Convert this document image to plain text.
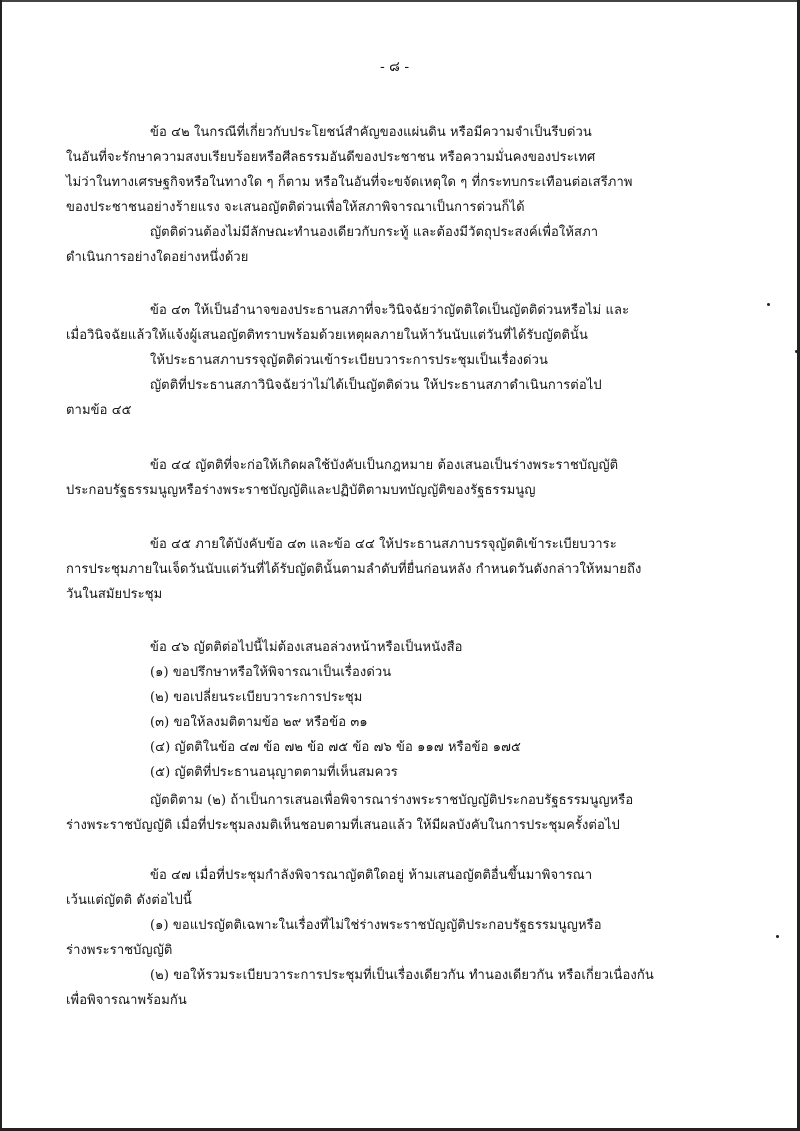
- ๘ -
ข้อ ๔๒ ในกรณีที่เกี่ยวกับประโยชน์สำคัญของแผ่นดิน หรือมีความจำเป็นรีบด่วน
ในอันที่จะรักษาความสงบเรียบร้อยหรือศีลธรรมอันดีของประชาชน หรือความมั่นคงของประเทศ
ไม่ว่าในทางเศรษฐกิจหรือในทางใด ๆ ก็ตาม หรือในอันที่จะขจัดเหตุใด ๆ ที่กระทบกระเทือนต่อเสรีภาพ
ของประชาชนอย่างร้ายแรง จะเสนอญัตติด่วนเพื่อให้สภาพิจารณาเป็นการด่วนก็ได้
ญัตติด่วนต้องไม่มีลักษณะทำนองเดียวกับกระทู้ และต้องมีวัตถุประสงค์เพื่อให้สภา
ดำเนินการอย่างใดอย่างหนึ่งด้วย
ข้อ ๔๓ ให้เป็นอำนาจของประธานสภาที่จะวินิจฉัยว่าญัตติใดเป็นญัตติด่วนหรือไม่ และ
เมื่อวินิจฉัยแล้วให้แจ้งผู้เสนอญัตติทราบพร้อมด้วยเหตุผลภายในห้าวันนับแต่วันที่ได้รับญัตตินั้น
ให้ประธานสภาบรรจุญัตติด่วนเข้าระเบียบวาระการประชุมเป็นเรื่องด่วน
ญัตติที่ประธานสภาวินิจฉัยว่าไม่ได้เป็นญัตติด่วน ให้ประธานสภาดำเนินการต่อไป
ตามข้อ ๔๕
ข้อ ๔๔ ญัตติที่จะก่อให้เกิดผลใช้บังคับเป็นกฎหมาย ต้องเสนอเป็นร่างพระราชบัญญัติ
ประกอบรัฐธรรมนูญหรือร่างพระราชบัญญัติและปฏิบัติตามบทบัญญัติของรัฐธรรมนูญ
ข้อ ๔๕ ภายใต้บังคับข้อ ๔๓ และข้อ ๔๔ ให้ประธานสภาบรรจุญัตติเข้าระเบียบวาระ
การประชุมภายในเจ็ดวันนับแต่วันที่ได้รับญัตตินั้นตามลำดับที่ยื่นก่อนหลัง กำหนดวันดังกล่าวให้หมายถึง
วันในสมัยประชุม
ข้อ ๔๖ ญัตติต่อไปนี้ไม่ต้องเสนอล่วงหน้าหรือเป็นหนังสือ
(๑) ขอปรึกษาหรือให้พิจารณาเป็นเรื่องด่วน
(๒) ขอเปลี่ยนระเบียบวาระการประชุม
(๓) ขอให้ลงมติตามข้อ ๒๙ หรือข้อ ๓๑
(๔) ญัตติในข้อ ๔๗ ข้อ ๗๒ ข้อ ๗๕ ข้อ ๗๖ ข้อ ๑๑๗ หรือข้อ ๑๗๕
(๕) ญัตติที่ประธานอนุญาตตามที่เห็นสมควร
ญัตติตาม (๒) ถ้าเป็นการเสนอเพื่อพิจารณาร่างพระราชบัญญัติประกอบรัฐธรรมนูญหรือ
ร่างพระราชบัญญัติ เมื่อที่ประชุมลงมติเห็นชอบตามที่เสนอแล้ว ให้มีผลบังคับในการประชุมครั้งต่อไป
ข้อ ๔๗ เมื่อที่ประชุมกำลังพิจารณาญัตติใดอยู่ ห้ามเสนอญัตติอื่นขึ้นมาพิจารณา
เว้นแต่ญัตติ ดังต่อไปนี้
(๑) ขอแปรญัตติเฉพาะในเรื่องที่ไม่ใช่ร่างพระราชบัญญัติประกอบรัฐธรรมนูญหรือ
ร่างพระราชบัญญัติ
(๒) ขอให้รวมระเบียบวาระการประชุมที่เป็นเรื่องเดียวกัน ทำนองเดียวกัน หรือเกี่ยวเนื่องกัน
เพื่อพิจารณาพร้อมกัน
